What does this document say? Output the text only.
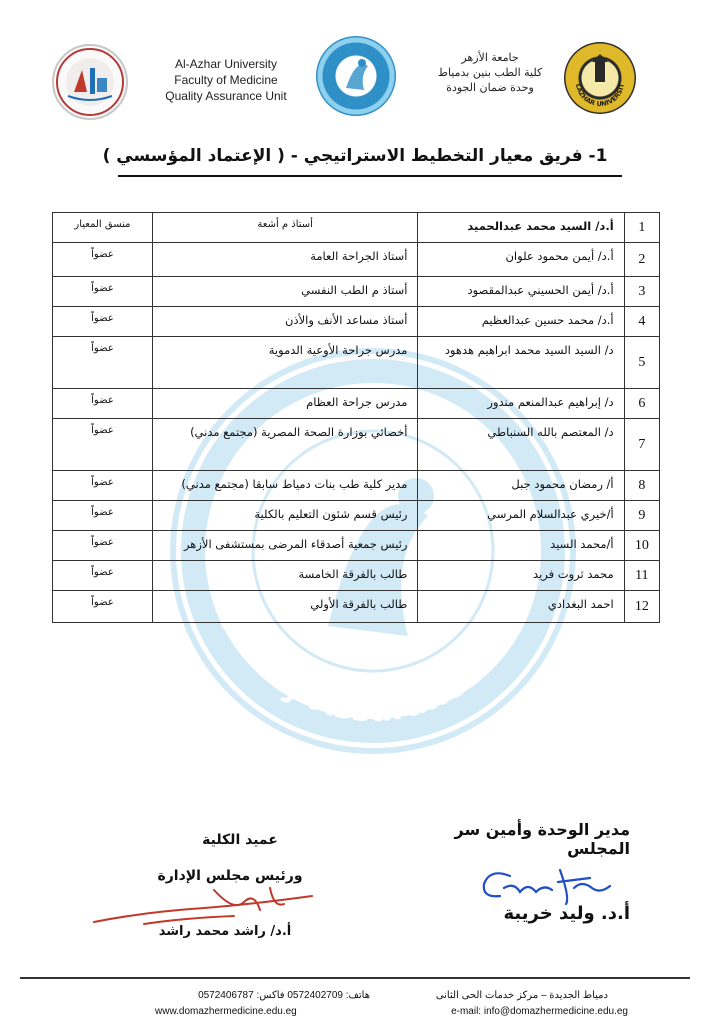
Al-Azhar University
Faculty of Medicine
Quality Assurance Unit
جامعة الأزهر
كلية الطب بنين بدمياط
وحدة ضمان الجودة	LAZHAR UNIVERSIT
1- فريق معيار التخطيط الاستراتيجي - ( الإعتماد المؤسسي )
Quality Assurance Unit
1	أ.د/ السيد محمد عبدالحميد	أستاذ م أشعة	منسق المعيار
2	أ.د/ أيمن محمود علوان	أستاذ الجراحة العامة	عضواً
3	أ.د/ أيمن الحسيني عبدالمقصود	أستاذ م الطب النفسي	عضواً
4	أ.د/ محمد حسين عبدالعظيم	أستاذ مساعد الأنف والأذن	عضواً
5	د/ السيد السيد محمد ابراهيم هدهود	مدرس جراحة الأوعية الدموية	عضواً
6	د/ إبراهيم عبدالمنعم مندور	مدرس جراحة العظام	عضواً
7	د/ المعتصم بالله السنباطي	أخصائي بوزارة الصحة المصرية (مجتمع مدني)	عضواً
8	أ/ رمضان محمود جبل	مدير كلية طب بنات دمياط سابقا (مجتمع مدني)	عضواً
9	أ/خيري عبدالسلام المرسي	رئيس قسم شئون التعليم بالكلية	عضواً
10	أ/محمد السيد	رئيس جمعية أصدقاء المرضى بمستشفى الأزهر	عضواً
11	محمد ثروت فريد	طالب بالفرقة الخامسة	عضواً
12	احمد البغدادي	طالب بالفرقة الأولي	عضواً
مدير الوحدة وأمين سر المجلس
أ.د. وليد خريبة
عميد الكلية
ورئيس مجلس الإدارة
أ.د/ راشد محمد راشد
دمياط الجديدة – مركز خدمات الحى الثانى
هاتف: 0572402709 فاكس: 0572406787
www.domazhermedicine.edu.eg	e-mail: info@domazhermedicine.edu.eg
